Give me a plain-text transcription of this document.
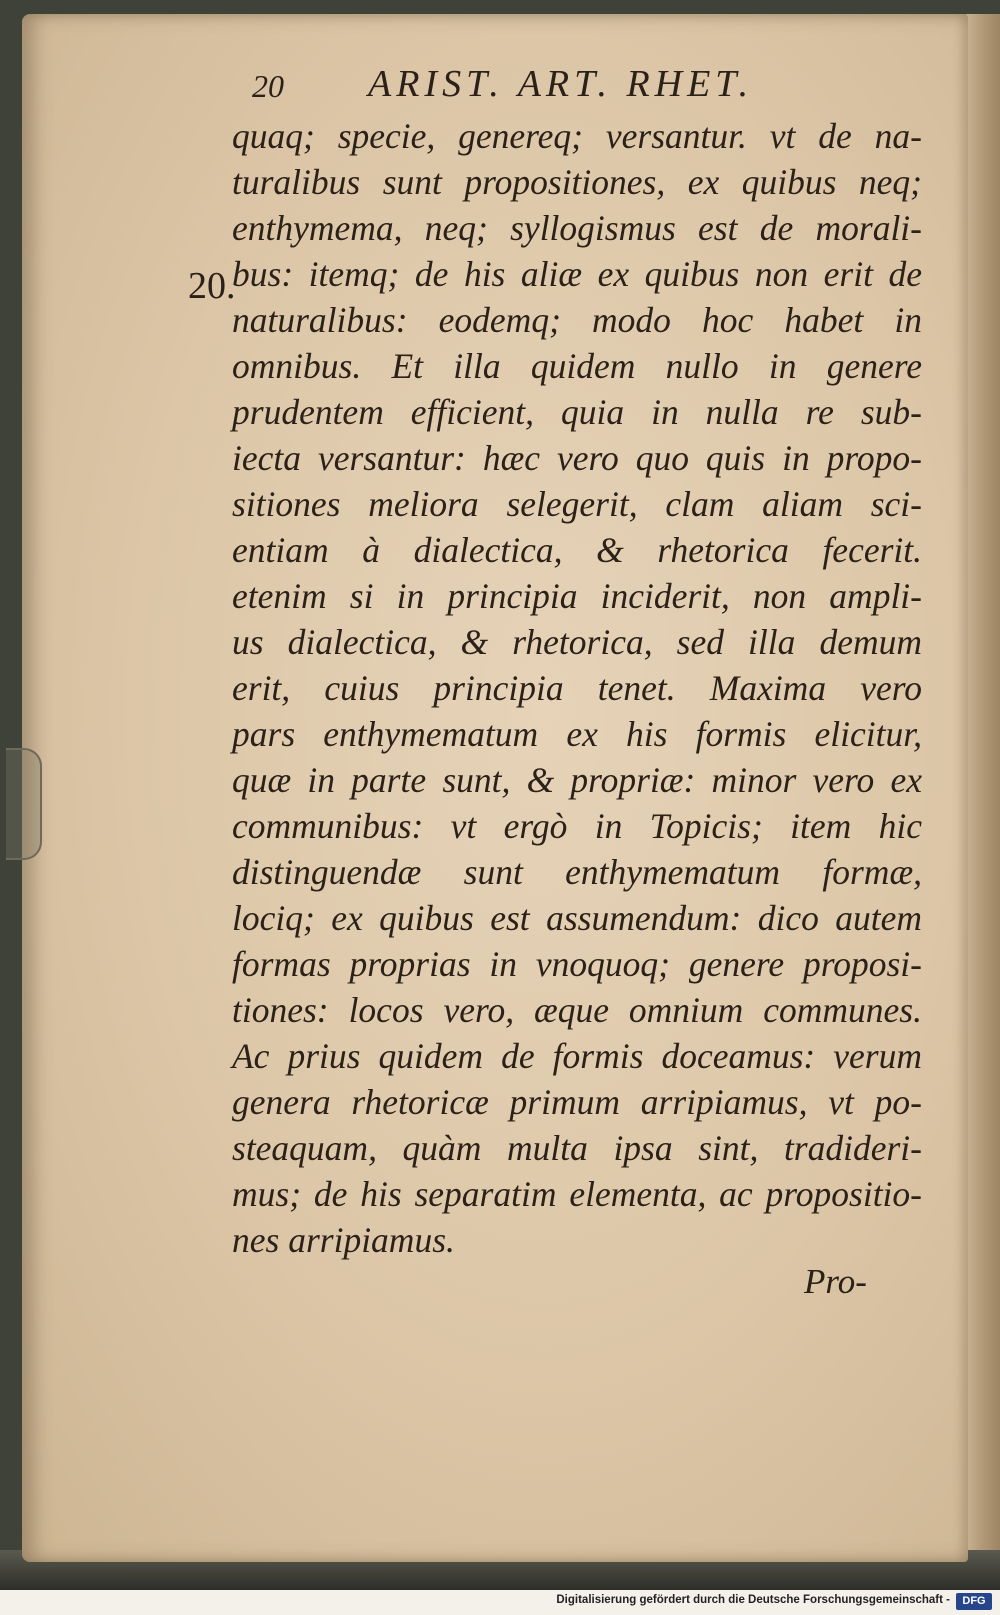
20 ARIST. ART. RHET.
20.
quaq; specie, genereq; versantur. vt de na-
turalibus sunt propositiones, ex quibus neq;
enthymema, neq; syllogismus est de morali-
bus: itemq; de his aliæ ex quibus non erit de
naturalibus: eodemq; modo hoc habet in
omnibus. Et illa quidem nullo in genere
prudentem efficient, quia in nulla re sub-
iecta versantur: hæc vero quo quis in propo-
sitiones meliora selegerit, clam aliam sci-
entiam à dialectica, & rhetorica fecerit.
etenim si in principia inciderit, non ampli-
us dialectica, & rhetorica, sed illa demum
erit, cuius principia tenet. Maxima vero
pars enthymematum ex his formis elicitur,
quæ in parte sunt, & propriæ: minor vero ex
communibus: vt ergò in Topicis; item hic
distinguendæ sunt enthymematum formæ,
lociq; ex quibus est assumendum: dico autem
formas proprias in vnoquoq; genere proposi-
tiones: locos vero, æque omnium communes.
Ac prius quidem de formis doceamus: verum
genera rhetoricæ primum arripiamus, vt po-
steaquam, quàm multa ipsa sint, tradideri-
mus; de his separatim elementa, ac propositio-
nes arripiamus.
Pro-
Digitalisierung gefördert durch die Deutsche Forschungsgemeinschaft -	DFG
